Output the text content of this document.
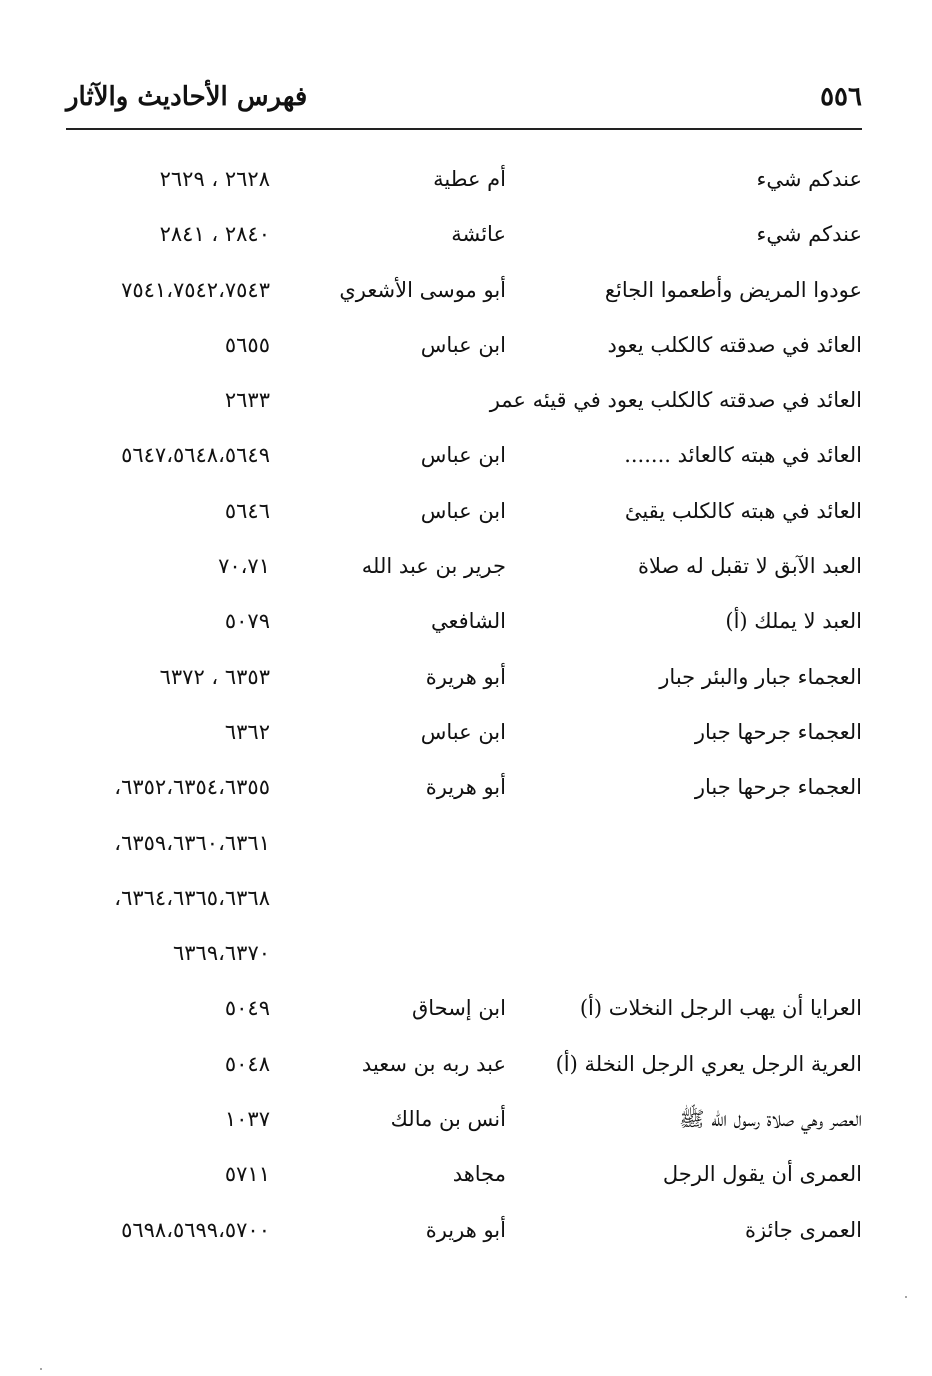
٥٥٦
فهرس الأحاديث والآثار
عندكم شيء
أم عطية
٢٦٢٨ ، ٢٦٢٩
عندكم شيء
عائشة
٢٨٤٠ ، ٢٨٤١
عودوا المريض وأطعموا الجائع
أبو موسى الأشعري
٧٥٤١،٧٥٤٢،٧٥٤٣
العائد في صدقته كالكلب يعود
ابن عباس
٥٦٥٥
العائد في صدقته كالكلب يعود في قيئه عمر
٢٦٣٣
العائد في هبته كالعائد .......
ابن عباس
٥٦٤٧،٥٦٤٨،٥٦٤٩
العائد في هبته كالكلب يقيئ
ابن عباس
٥٦٤٦
العبد الآبق لا تقبل له صلاة
جرير بن عبد الله
٧٠،٧١
العبد لا يملك (أ)
الشافعي
٥٠٧٩
العجماء جبار والبئر جبار
أبو هريرة
٦٣٥٣ ، ٦٣٧٢
العجماء جرحها جبار
ابن عباس
٦٣٦٢
العجماء جرحها جبار
أبو هريرة
٦٣٥٢،٦٣٥٤،٦٣٥٥،
٦٣٥٩،٦٣٦٠،٦٣٦١،
٦٣٦٤،٦٣٦٥،٦٣٦٨،
٦٣٦٩،٦٣٧٠
العرايا أن يهب الرجل النخلات (أ)
ابن إسحاق
٥٠٤٩
العرية الرجل يعري الرجل النخلة (أ)
عبد ربه بن سعيد
٥٠٤٨
العصر وهي صلاة رسول الله ﷺ
أنس بن مالك
١٠٣٧
العمرى أن يقول الرجل
مجاهد
٥٧١١
العمرى جائزة
أبو هريرة
٥٦٩٨،٥٦٩٩،٥٧٠٠
